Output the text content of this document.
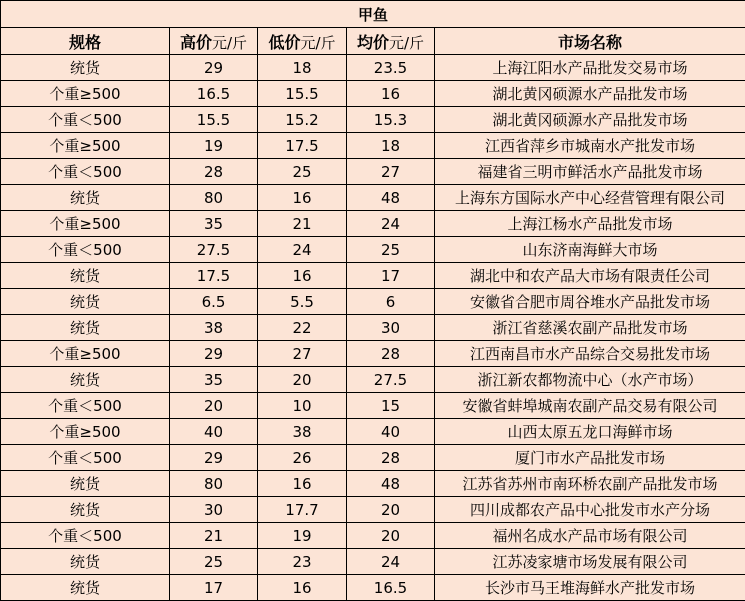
甲鱼				
规格	高价元/斤	低价元/斤	均价元/斤	市场名称
统货	29	18	23.5	上海江阳水产品批发交易市场
个重≥500	16.5	15.5	16	湖北黄冈硕源水产品批发市场
个重＜500	15.5	15.2	15.3	湖北黄冈硕源水产品批发市场
个重≥500	19	17.5	18	江西省萍乡市城南水产批发市场
个重＜500	28	25	27	福建省三明市鲜活水产品批发市场
统货	80	16	48	上海东方国际水产中心经营管理有限公司
个重≥500	35	21	24	上海江杨水产品批发市场
个重＜500	27.5	24	25	山东济南海鲜大市场
统货	17.5	16	17	湖北中和农产品大市场有限责任公司
统货	6.5	5.5	6	安徽省合肥市周谷堆水产品批发市场
统货	38	22	30	浙江省慈溪农副产品批发市场
个重≥500	29	27	28	江西南昌市水产品综合交易批发市场
统货	35	20	27.5	浙江新农都物流中心（水产市场）
个重＜500	20	10	15	安徽省蚌埠城南农副产品交易有限公司
个重≥500	40	38	40	山西太原五龙口海鲜市场
个重＜500	29	26	28	厦门市水产品批发市场
统货	80	16	48	江苏省苏州市南环桥农副产品批发市场
统货	30	17.7	20	四川成都农产品中心批发市水产分场
个重＜500	21	19	20	福州名成水产品市场有限公司
统货	25	23	24	江苏凌家塘市场发展有限公司
统货	17	16	16.5	长沙市马王堆海鲜水产批发市场
